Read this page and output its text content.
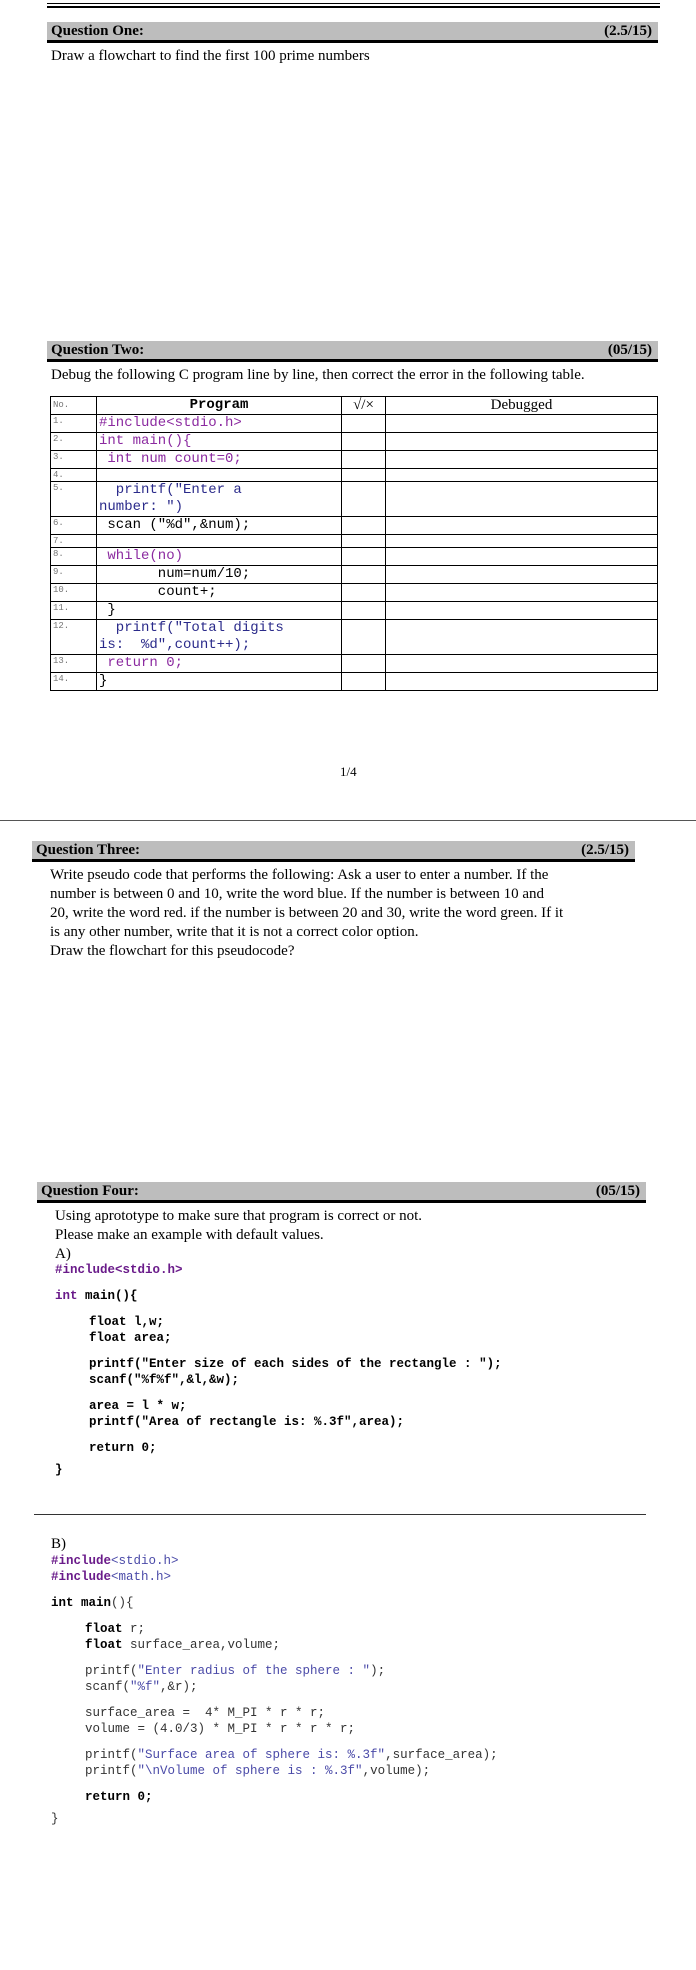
Question One:	(2.5/15)
Draw a flowchart to find the first 100 prime numbers
Question Two:	(05/15)
Debug the following C program line by line, then correct the error in the following table.
No.	Program	√/×	Debugged
1.	#include<stdio.h>		
2.	int main(){		
3.	int num count=0;		
4.			
5.	printf("Enter a
number: ")		
6.	scan ("%d",&num);		
7.			
8.	while(no)		
9.	num=num/10;		
10.	count+;		
11.	}		
12.	printf("Total digits
is:  %d",count++);		
13.	return 0;		
14.	}		
1/4
Question Three:	(2.5/15)
Write pseudo code that performs the following: Ask a user to enter a number. If the
number is between 0 and 10, write the word blue. If the number is between 10 and
20, write the word red. if the number is between 20 and 30, write the word green. If it
is any other number, write that it is not a correct color option.
Draw the flowchart for this pseudocode?
Question Four:	(05/15)
Using aprototype to make sure that program is correct or not.
Please make an example with default values.
A)

#include<stdio.h>

int main(){

float l,w;

float area;

printf("Enter size of each sides of the rectangle : ");

scanf("%f%f",&l,&w);

area = l * w;

printf("Area of rectangle is: %.3f",area);

return 0;

}

B)

#include<stdio.h>

#include<math.h>

int main(){

float r;

float surface_area,volume;

printf("Enter radius of the sphere : ");

scanf("%f",&r);

surface_area =  4* M_PI * r * r;

volume = (4.0/3) * M_PI * r * r * r;

printf("Surface area of sphere is: %.3f",surface_area);

printf("\nVolume of sphere is : %.3f",volume);

return 0;

}
